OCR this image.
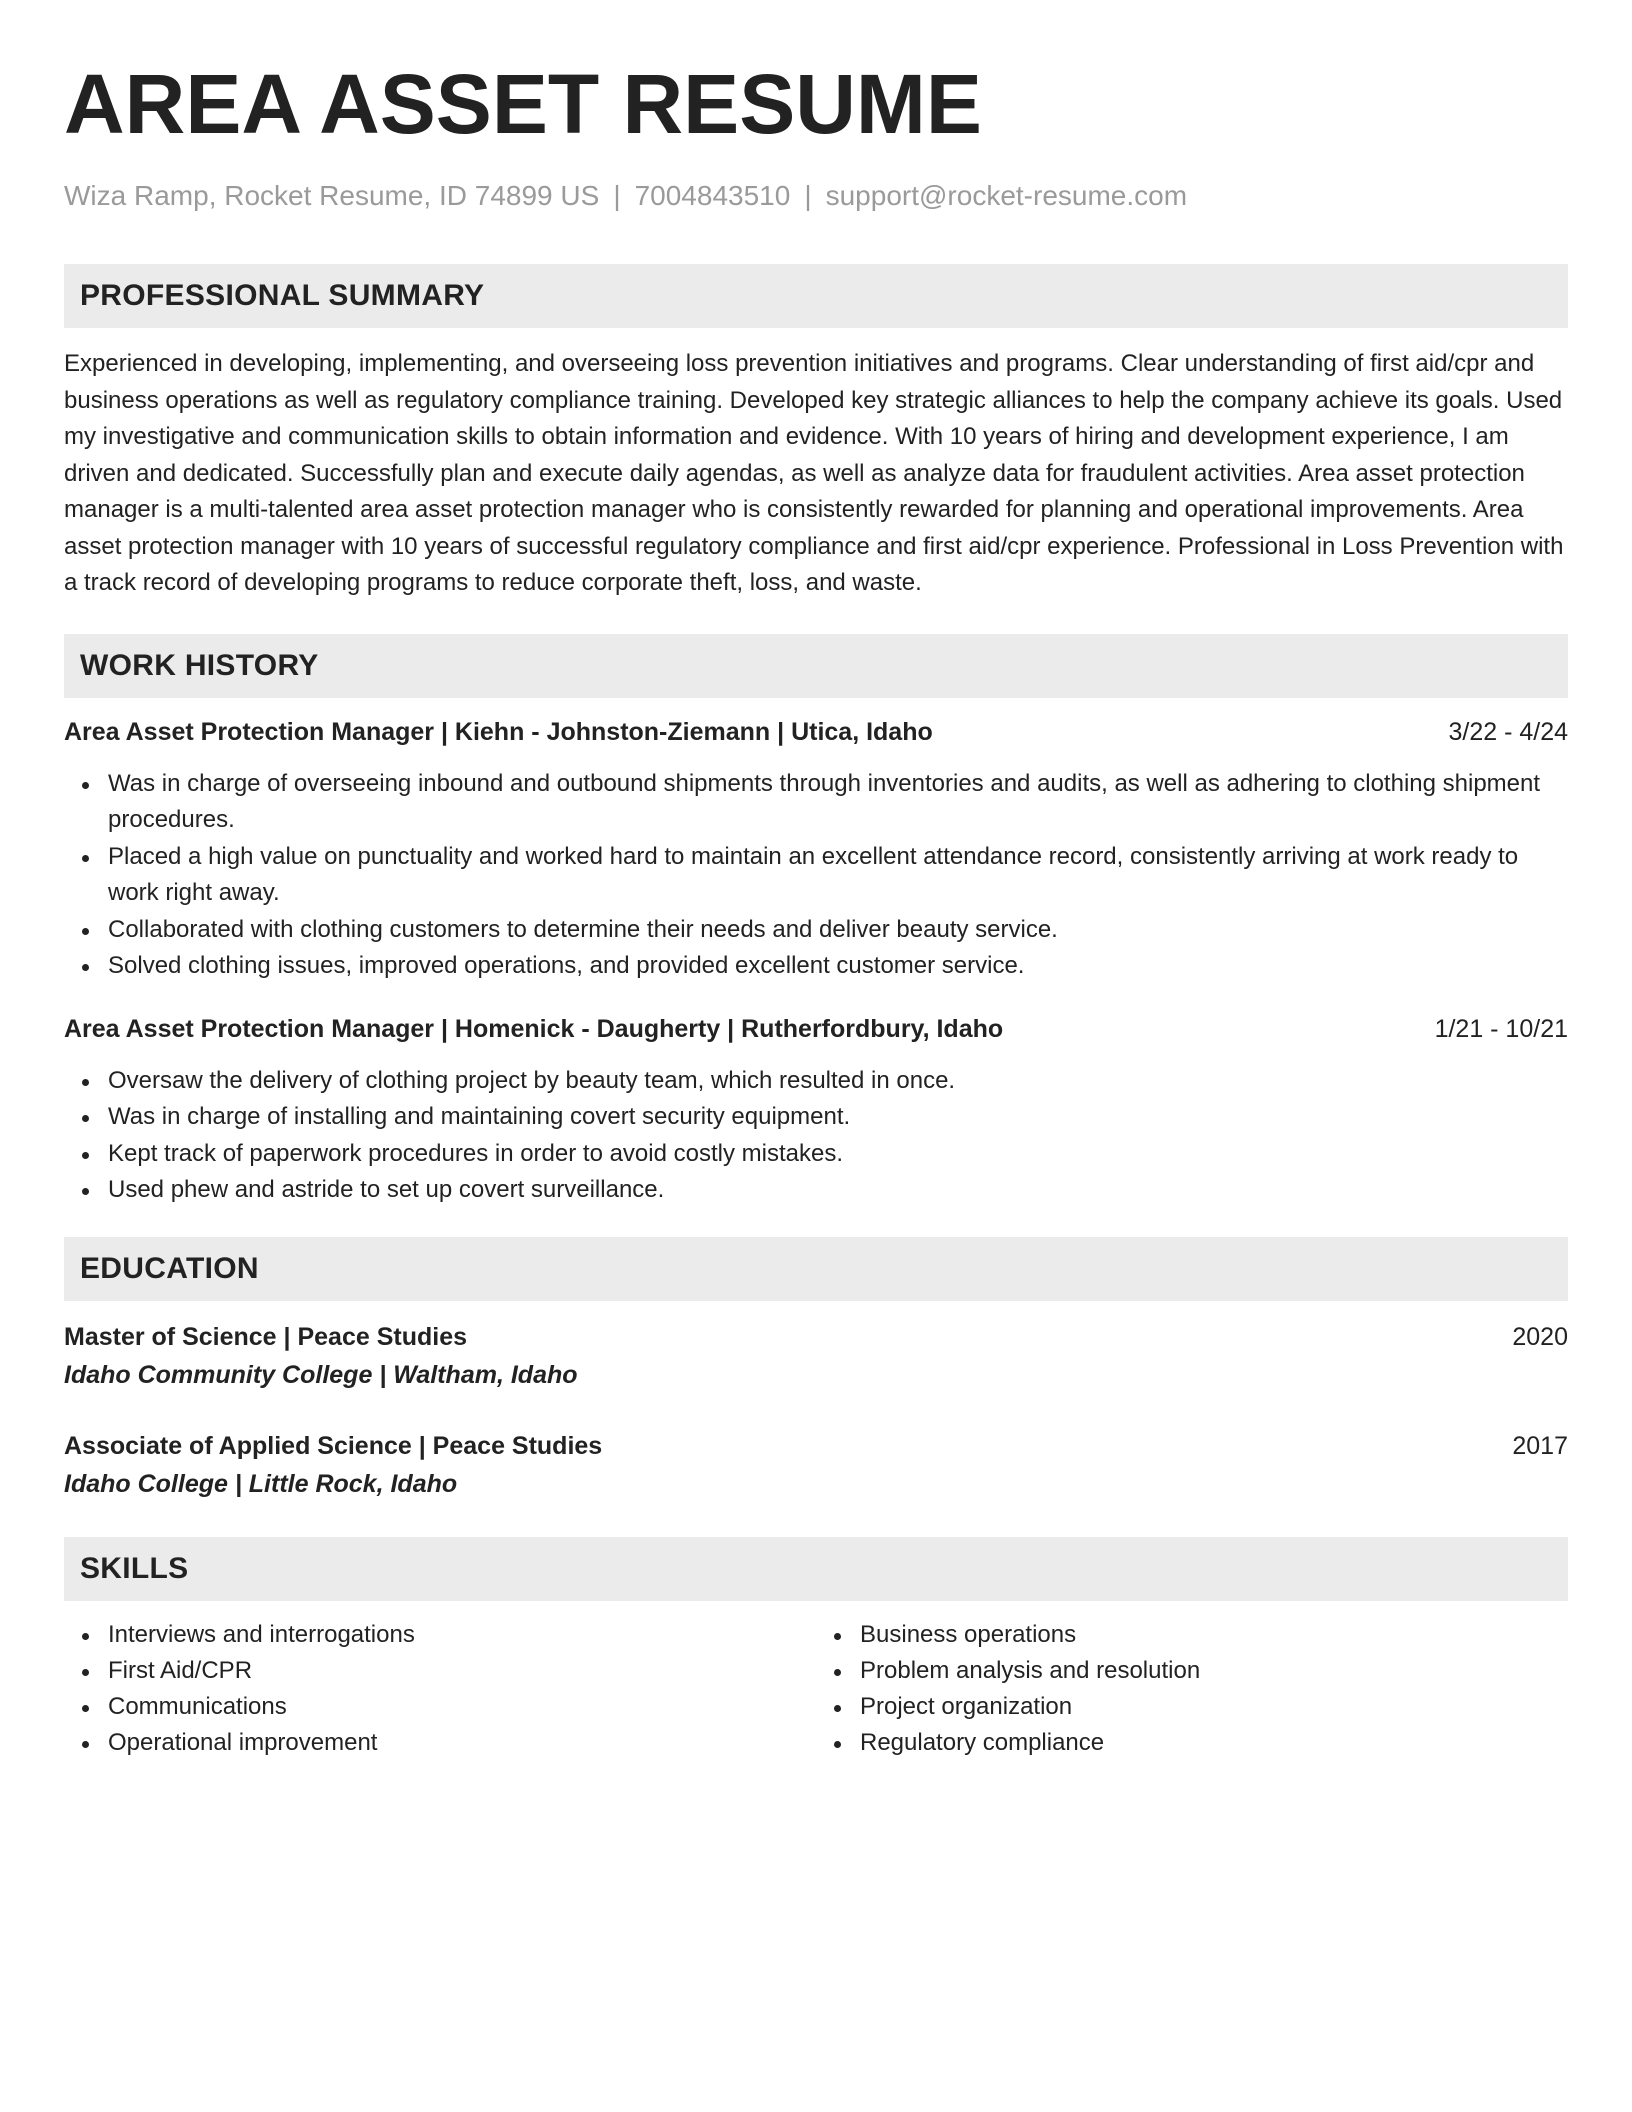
AREA ASSET RESUME
Wiza Ramp, Rocket Resume, ID 74899 US | 7004843510 | support@rocket-resume.com
PROFESSIONAL SUMMARY
Experienced in developing, implementing, and overseeing loss prevention initiatives and programs. Clear understanding of first aid/cpr and business operations as well as regulatory compliance training. Developed key strategic alliances to help the company achieve its goals. Used my investigative and communication skills to obtain information and evidence. With 10 years of hiring and development experience, I am driven and dedicated. Successfully plan and execute daily agendas, as well as analyze data for fraudulent activities. Area asset protection manager is a multi-talented area asset protection manager who is consistently rewarded for planning and operational improvements. Area asset protection manager with 10 years of successful regulatory compliance and first aid/cpr experience. Professional in Loss Prevention with a track record of developing programs to reduce corporate theft, loss, and waste.
WORK HISTORY
Area Asset Protection Manager | Kiehn - Johnston-Ziemann | Utica, Idaho	3/22 - 4/24
Was in charge of overseeing inbound and outbound shipments through inventories and audits, as well as adhering to clothing shipment procedures.
Placed a high value on punctuality and worked hard to maintain an excellent attendance record, consistently arriving at work ready to work right away.
Collaborated with clothing customers to determine their needs and deliver beauty service.
Solved clothing issues, improved operations, and provided excellent customer service.
Area Asset Protection Manager | Homenick - Daugherty | Rutherfordbury, Idaho	1/21 - 10/21
Oversaw the delivery of clothing project by beauty team, which resulted in once.
Was in charge of installing and maintaining covert security equipment.
Kept track of paperwork procedures in order to avoid costly mistakes.
Used phew and astride to set up covert surveillance.
EDUCATION
Master of Science | Peace Studies	2020
Idaho Community College | Waltham, Idaho
Associate of Applied Science | Peace Studies	2017
Idaho College | Little Rock, Idaho
SKILLS
Interviews and interrogations
First Aid/CPR
Communications
Operational improvement
Business operations
Problem analysis and resolution
Project organization
Regulatory compliance
